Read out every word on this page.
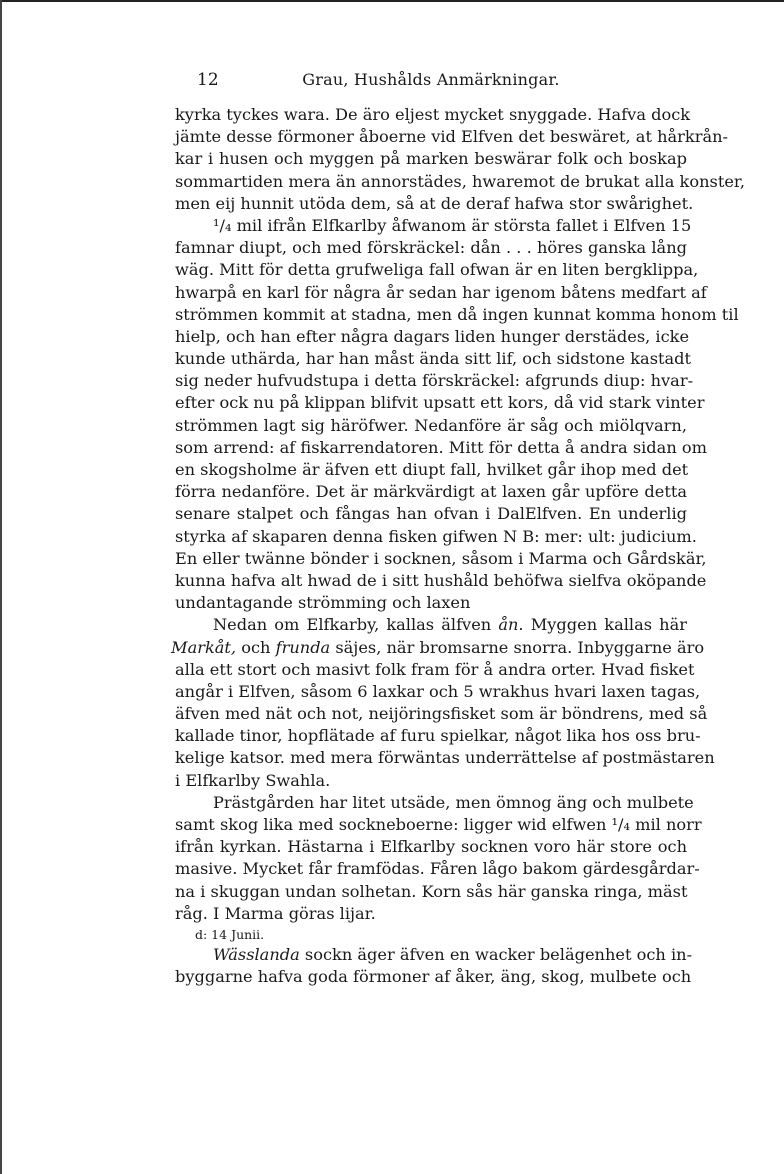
12	Grau, Hushålds Anmärkningar.
kyrka tyckes wara. De äro eljest mycket snyggade. Hafva dock
jämte desse förmoner åboerne vid Elfven det beswäret, at hårkrån-
kar i husen och myggen på marken beswärar folk och boskap
sommartiden mera än annorstädes, hwaremot de brukat alla konster,
men eij hunnit utöda dem, så at de deraf hafwa stor swårighet.
¹/₄ mil ifrån Elfkarlby åfwanom är största fallet i Elfven 15
famnar diupt, och med förskräckel: dån . . . höres ganska lång
wäg. Mitt för detta grufweliga fall ofwan är en liten bergklippa,
hwarpå en karl för några år sedan har igenom båtens medfart af
strömmen kommit at stadna, men då ingen kunnat komma honom til
hielp, och han efter några dagars liden hunger derstädes, icke
kunde uthärda, har han måst ända sitt lif, och sidstone kastadt
sig neder hufvudstupa i detta förskräckel: afgrunds diup: hvar-
efter ock nu på klippan blifvit upsatt ett kors, då vid stark vinter
strömmen lagt sig häröfwer. Nedanföre är såg och miölqvarn,
som arrend: af fiskarrendatoren. Mitt för detta å andra sidan om
en skogsholme är äfven ett diupt fall, hvilket går ihop med det
förra nedanföre. Det är märkvärdigt at laxen går upföre detta
senare stalpet och fångas han ofvan i DalElfven. En underlig
styrka af skaparen denna fisken gifwen N B: mer: ult: judicium.
En eller twänne bönder i socknen, såsom i Marma och Gårdskär,
kunna hafva alt hwad de i sitt hushåld behöfwa sielfva oköpande
undantagande strömming och laxen
Nedan om Elfkarby, kallas älfven ån. Myggen kallas här
Markåt, och frunda säjes, när bromsarne snorra. Inbyggarne äro
alla ett stort och masivt folk fram för å andra orter. Hvad fisket
angår i Elfven, såsom 6 laxkar och 5 wrakhus hvari laxen tagas,
äfven med nät och not, neijöringsfisket som är böndrens, med så
kallade tinor, hopflätade af furu spielkar, något lika hos oss bru-
kelige katsor. med mera förwäntas underrättelse af postmästaren
i Elfkarlby Swahla.
Prästgården har litet utsäde, men ömnog äng och mulbete
samt skog lika med sockneboerne: ligger wid elfwen ¹/₄ mil norr
ifrån kyrkan. Hästarna i Elfkarlby socknen voro här store och
masive. Mycket får framfödas. Fåren lågo bakom gärdesgårdar-
na i skuggan undan solhetan. Korn sås här ganska ringa, mäst
råg. I Marma göras lijar.
d: 14 Junii.
Wässlanda sockn äger äfven en wacker belägenhet och in-
byggarne hafva goda förmoner af åker, äng, skog, mulbete och
